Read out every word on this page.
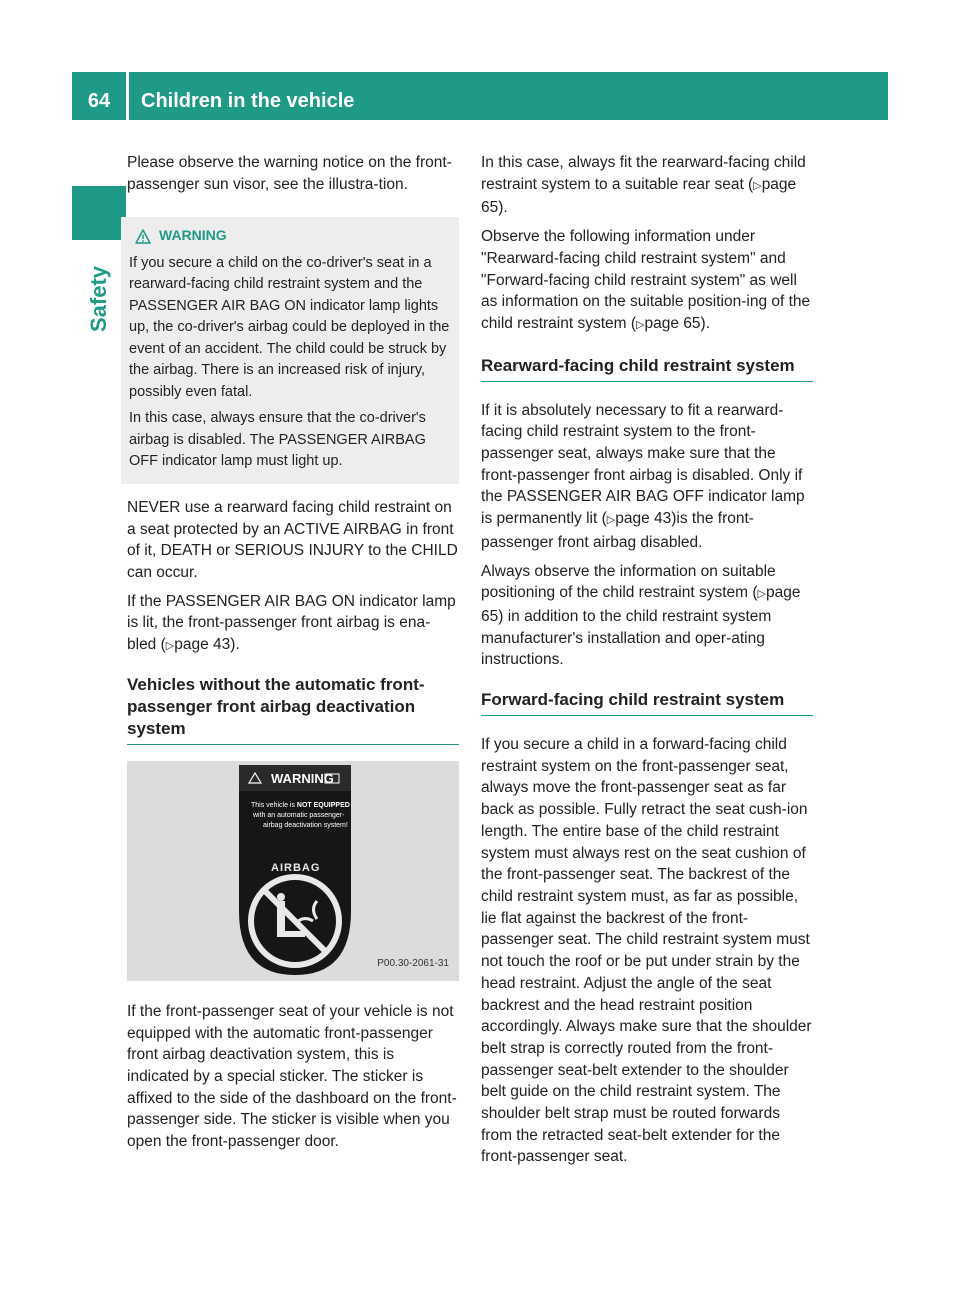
64	Children in the vehicle
Safety

Please observe the warning notice on the front-passenger sun visor, see the illustra-tion.

WARNING

If you secure a child on the co-driver's seat in a rearward-facing child restraint system and the PASSENGER AIR BAG ON indicator lamp lights up, the co-driver's airbag could be deployed in the event of an accident. The child could be struck by the airbag. There is an increased risk of injury, possibly even fatal.

In this case, always ensure that the co-driver's airbag is disabled. The PASSENGER AIRBAG OFF indicator lamp must light up.

NEVER use a rearward facing child restraint on a seat protected by an ACTIVE AIRBAG in front of it, DEATH or SERIOUS INJURY to the CHILD can occur.

If the PASSENGER AIR BAG ON indicator lamp is lit, the front-passenger front airbag is ena-bled (▷page 43).

Vehicles without the automatic front-passenger front airbag deactivation system
WARNING
This vehicle is NOT EQUIPPED
with an automatic passenger-
airbag deactivation system!
AIRBAG
P00.30-2061-31

If the front-passenger seat of your vehicle is not equipped with the automatic front-passenger front airbag deactivation system, this is indicated by a special sticker. The sticker is affixed to the side of the dashboard on the front-passenger side. The sticker is visible when you open the front-passenger door.

In this case, always fit the rearward-facing child restraint system to a suitable rear seat (▷page 65).

Observe the following information under "Rearward-facing child restraint system" and "Forward-facing child restraint system" as well as information on the suitable position-ing of the child restraint system (▷page 65).

Rearward-facing child restraint system

If it is absolutely necessary to fit a rearward-facing child restraint system to the front-passenger seat, always make sure that the front-passenger front airbag is disabled. Only if the PASSENGER AIR BAG OFF indicator lamp is permanently lit (▷page 43)is the front-passenger front airbag disabled.

Always observe the information on suitable positioning of the child restraint system (▷page 65) in addition to the child restraint system manufacturer's installation and oper-ating instructions.

Forward-facing child restraint system

If you secure a child in a forward-facing child restraint system on the front-passenger seat, always move the front-passenger seat as far back as possible. Fully retract the seat cush-ion length. The entire base of the child restraint system must always rest on the seat cushion of the front-passenger seat. The backrest of the child restraint system must, as far as possible, lie flat against the backrest of the front-passenger seat. The child restraint system must not touch the roof or be put under strain by the head restraint. Adjust the angle of the seat backrest and the head restraint position accordingly. Always make sure that the shoulder belt strap is correctly routed from the front-passenger seat-belt extender to the shoulder belt guide on the child restraint system. The shoulder belt strap must be routed forwards from the retracted seat-belt extender for the front-passenger seat.
